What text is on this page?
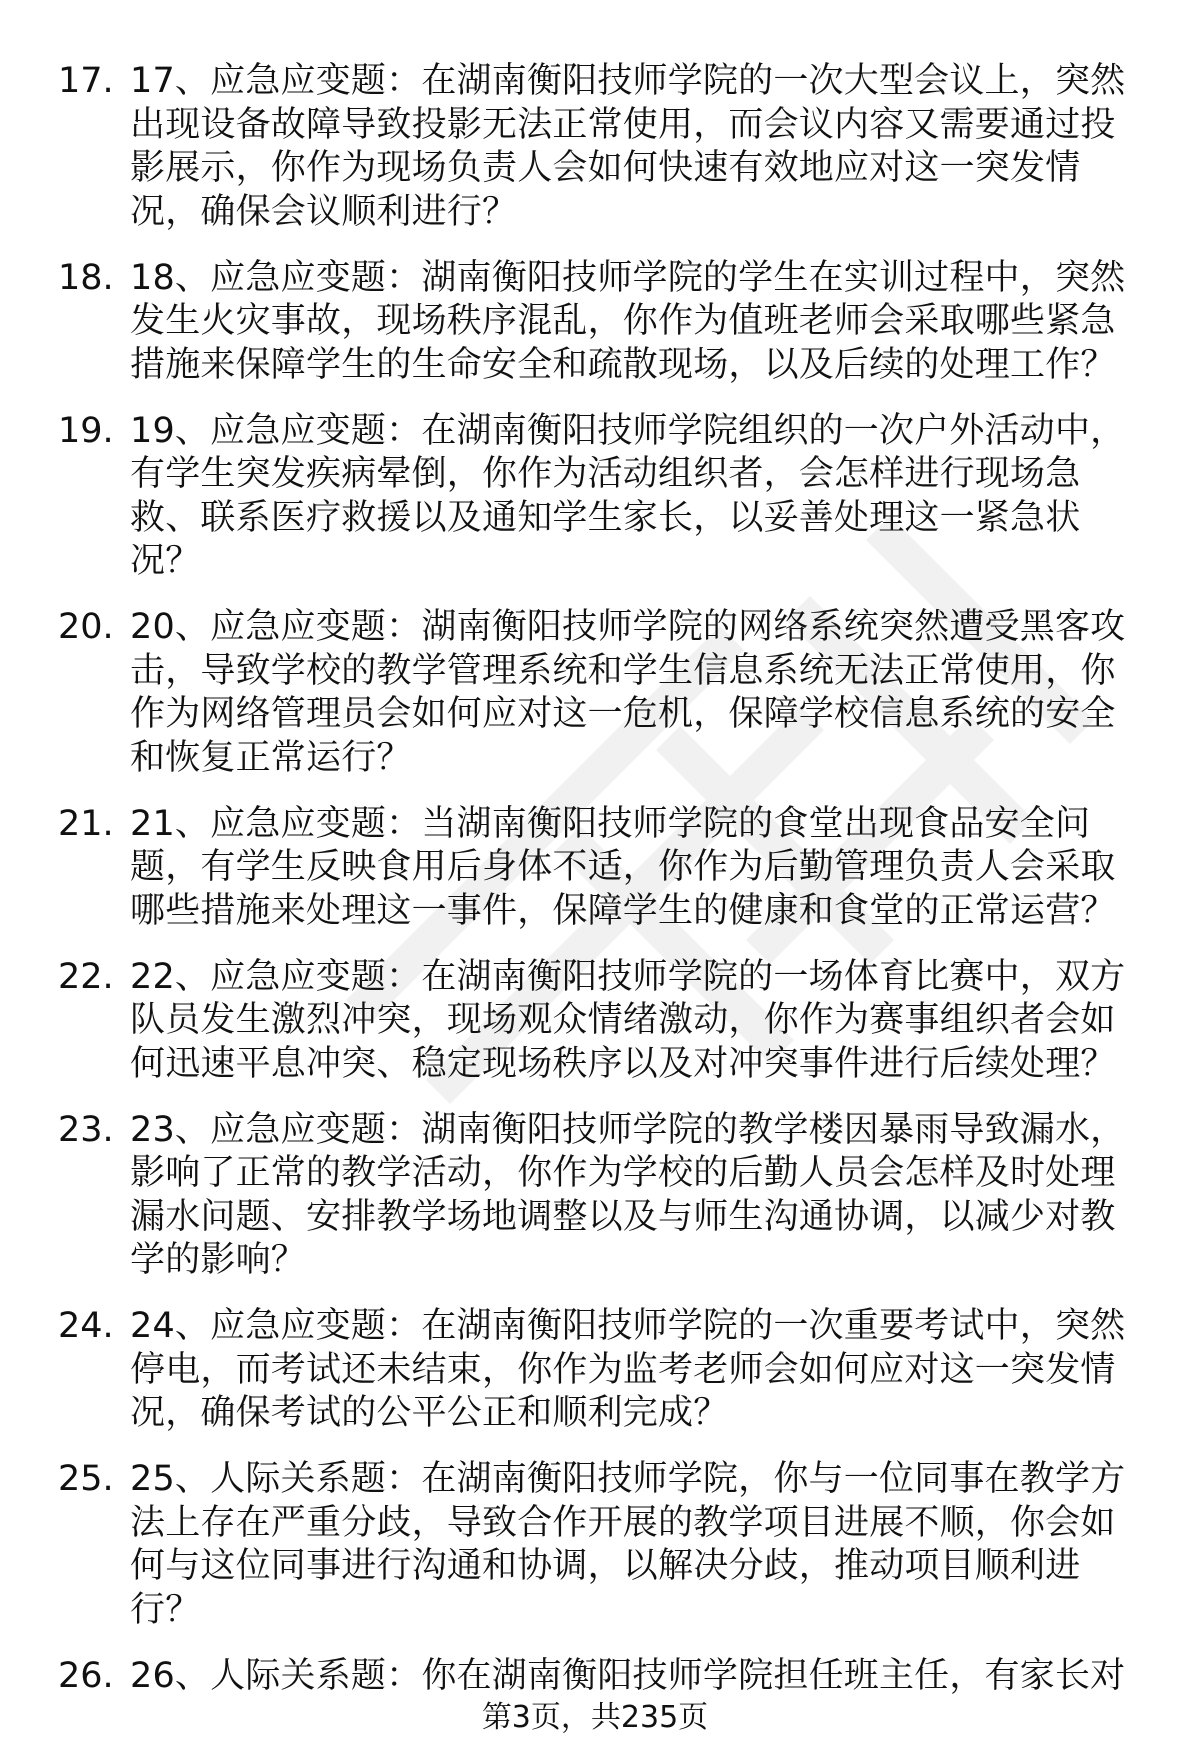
17. 17、应急应变题：在湖南衡阳技师学院的一次大型会议上，突然出现设备故障导致投影无法正常使用，而会议内容又需要通过投影展示，你作为现场负责人会如何快速有效地应对这一突发情况，确保会议顺利进行？
18. 18、应急应变题：湖南衡阳技师学院的学生在实训过程中，突然发生火灾事故，现场秩序混乱，你作为值班老师会采取哪些紧急措施来保障学生的生命安全和疏散现场，以及后续的处理工作？
19. 19、应急应变题：在湖南衡阳技师学院组织的一次户外活动中，有学生突发疾病晕倒，你作为活动组织者，会怎样进行现场急救、联系医疗救援以及通知学生家长，以妥善处理这一紧急状况？
20. 20、应急应变题：湖南衡阳技师学院的网络系统突然遭受黑客攻击，导致学校的教学管理系统和学生信息系统无法正常使用，你作为网络管理员会如何应对这一危机，保障学校信息系统的安全和恢复正常运行？
21. 21、应急应变题：当湖南衡阳技师学院的食堂出现食品安全问题，有学生反映食用后身体不适，你作为后勤管理负责人会采取哪些措施来处理这一事件，保障学生的健康和食堂的正常运营？
22. 22、应急应变题：在湖南衡阳技师学院的一场体育比赛中，双方队员发生激烈冲突，现场观众情绪激动，你作为赛事组织者会如何迅速平息冲突、稳定现场秩序以及对冲突事件进行后续处理？
23. 23、应急应变题：湖南衡阳技师学院的教学楼因暴雨导致漏水，影响了正常的教学活动，你作为学校的后勤人员会怎样及时处理漏水问题、安排教学场地调整以及与师生沟通协调，以减少对教学的影响？
24. 24、应急应变题：在湖南衡阳技师学院的一次重要考试中，突然停电，而考试还未结束，你作为监考老师会如何应对这一突发情况，确保考试的公平公正和顺利完成？
25. 25、人际关系题：在湖南衡阳技师学院，你与一位同事在教学方法上存在严重分歧，导致合作开展的教学项目进展不顺，你会如何与这位同事进行沟通和协调，以解决分歧，推动项目顺利进行？
26. 26、人际关系题：你在湖南衡阳技师学院担任班主任，有家长对
第3页，共235页
